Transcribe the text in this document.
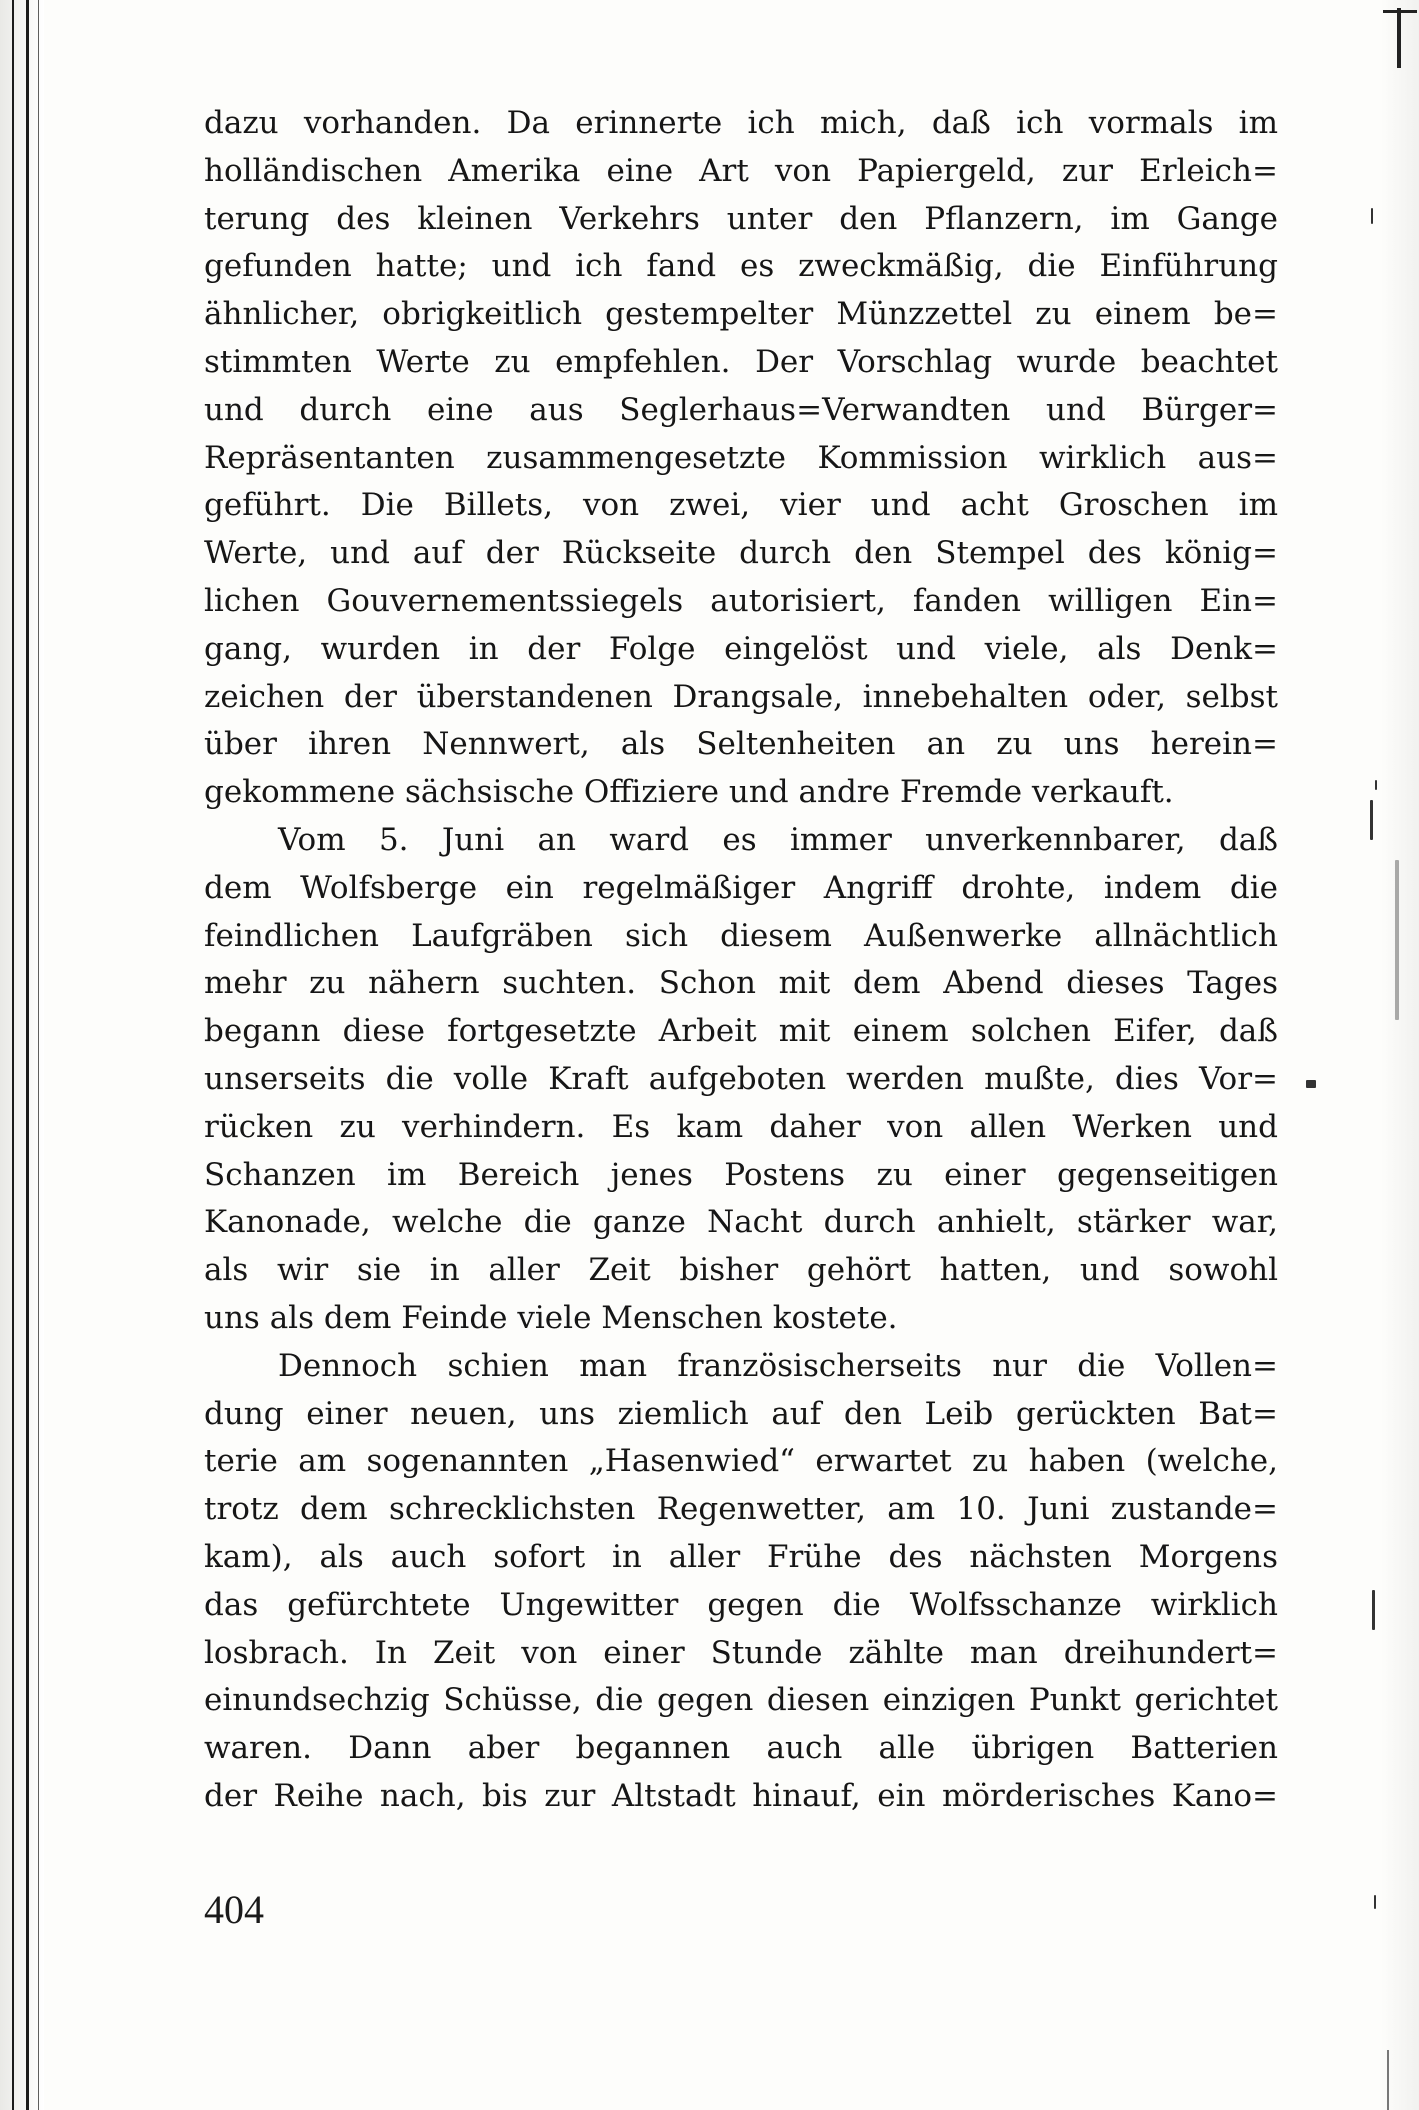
dazu vorhanden. Da erinnerte ich mich, daß ich vormals im
holländischen Amerika eine Art von Papiergeld, zur Erleich=
terung des kleinen Verkehrs unter den Pflanzern, im Gange
gefunden hatte; und ich fand es zweckmäßig, die Einführung
ähnlicher, obrigkeitlich gestempelter Münzzettel zu einem be=
stimmten Werte zu empfehlen. Der Vorschlag wurde beachtet
und durch eine aus Seglerhaus=Verwandten und Bürger=
Repräsentanten zusammengesetzte Kommission wirklich aus=
geführt. Die Billets, von zwei, vier und acht Groschen im
Werte, und auf der Rückseite durch den Stempel des könig=
lichen Gouvernementssiegels autorisiert, fanden willigen Ein=
gang, wurden in der Folge eingelöst und viele, als Denk=
zeichen der überstandenen Drangsale, innebehalten oder, selbst
über ihren Nennwert, als Seltenheiten an zu uns herein=
gekommene sächsische Offiziere und andre Fremde verkauft.
Vom 5. Juni an ward es immer unverkennbarer, daß
dem Wolfsberge ein regelmäßiger Angriff drohte, indem die
feindlichen Laufgräben sich diesem Außenwerke allnächtlich
mehr zu nähern suchten. Schon mit dem Abend dieses Tages
begann diese fortgesetzte Arbeit mit einem solchen Eifer, daß
unserseits die volle Kraft aufgeboten werden mußte, dies Vor=
rücken zu verhindern. Es kam daher von allen Werken und
Schanzen im Bereich jenes Postens zu einer gegenseitigen
Kanonade, welche die ganze Nacht durch anhielt, stärker war,
als wir sie in aller Zeit bisher gehört hatten, und sowohl
uns als dem Feinde viele Menschen kostete.
Dennoch schien man französischerseits nur die Vollen=
dung einer neuen, uns ziemlich auf den Leib gerückten Bat=
terie am sogenannten „Hasenwied“ erwartet zu haben (welche,
trotz dem schrecklichsten Regenwetter, am 10. Juni zustande=
kam), als auch sofort in aller Frühe des nächsten Morgens
das gefürchtete Ungewitter gegen die Wolfsschanze wirklich
losbrach. In Zeit von einer Stunde zählte man dreihundert=
einundsechzig Schüsse, die gegen diesen einzigen Punkt gerichtet
waren. Dann aber begannen auch alle übrigen Batterien
der Reihe nach, bis zur Altstadt hinauf, ein mörderisches Kano=
404
